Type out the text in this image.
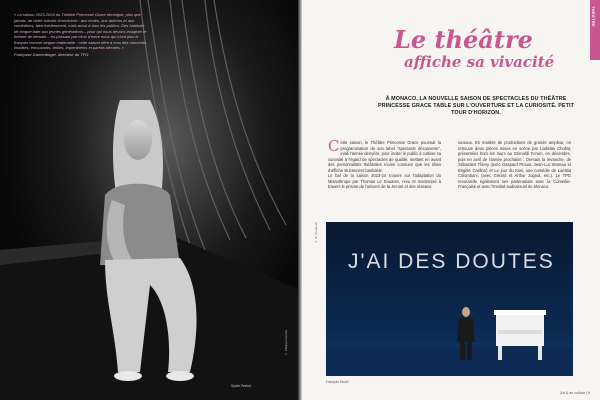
« La saison 2023-2024 du Théâtre Princesse Grace témoigne, plus que jamais, de notre volonté d'ouverture : aux textes, aux auteurs et aux comédiens, bien évidemment, mais aussi à tous les publics. Des habitués de longue date aux jeunes générations – pour qui nous devons imaginer le théâtre de demain – en passant par ceux d'entre nous qui n'ont plus le français comme langue maternelle : cette saison offre à tous des moments insolites, émouvants, drôles, impertinents et parfois décalés. »
Françoise Gamerdinger, directeur du TPG
© Philippe Gomez
Sylvie Testud
THÉÂTRE
Le théâtre
affiche sa vivacité
À MONACO, LA NOUVELLE SAISON DE SPECTACLES DU THÉÂTRE PRINCESSE GRACE TABLE SUR L'OUVERTURE ET LA CURIOSITÉ. PETIT TOUR D'HORIZON.
Cette saison, le Théâtre Princesse Grace poursuit la programmation de son label "spectacle découverte", initié l'année dernière, pour inciter le public à cultiver sa curiosité à l'égard de spectacles de qualité, mettant en avant des personnalités théâtrales moins connues que les têtes d'affiche strictement bankable.

Le bal de la saison 2023-24 s'ouvre sur l'adaptation du Misanthrope par Thomas Le Douarec, revu et modernisé à travers le prisme de l'univers de la Jet-set et des réseaux

sociaux. En matière de productions de grande ampleur, on retrouve deux pièces mises en scène par Ladislas Chollat, présentées hors les murs au Grimaldi Forum, en décembre, puis en avril de l'année prochaine : Demain la revanche, de Sébastien Thiery (avec Gaspard Proust, Jean-Luc Moreau et Brigitte Catillon) et Le jour du Kiwi, une comédie de Laetitia Colombani, (avec Gérard et Arthur Jugnot, etc.). Le TPG renouvelle également ses partenariats avec la Comédie-Française et avec l'Institut audiovisuel de Monaco.
© B. Toudouze
J'AI DES DOUTES
François Morel
Art & de culture | 9
